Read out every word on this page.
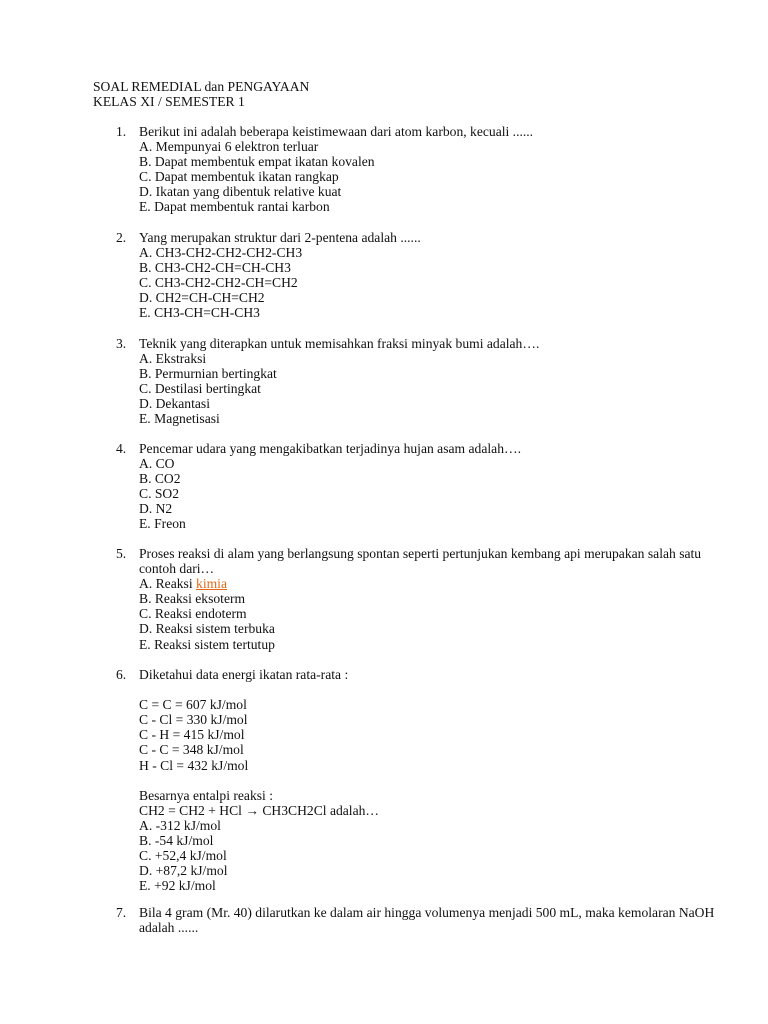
SOAL REMEDIAL dan PENGAYAAN
KELAS XI / SEMESTER 1
1. Berikut ini adalah beberapa keistimewaan dari atom karbon, kecuali ......
A. Mempunyai 6 elektron terluar
B. Dapat membentuk empat ikatan kovalen
C. Dapat membentuk ikatan rangkap
D. Ikatan yang dibentuk relative kuat
E. Dapat membentuk rantai karbon
2. Yang merupakan struktur dari 2-pentena adalah ......
A. CH3-CH2-CH2-CH2-CH3
B. CH3-CH2-CH=CH-CH3
C. CH3-CH2-CH2-CH=CH2
D. CH2=CH-CH=CH2
E. CH3-CH=CH-CH3
3. Teknik yang diterapkan untuk memisahkan fraksi minyak bumi adalah….
A. Ekstraksi
B. Permurnian bertingkat
C. Destilasi bertingkat
D. Dekantasi
E. Magnetisasi
4. Pencemar udara yang mengakibatkan terjadinya hujan asam adalah….
A. CO
B. CO2
C. SO2
D. N2
E. Freon
5. Proses reaksi di alam yang berlangsung spontan seperti pertunjukan kembang api merupakan salah satu contoh dari…
A. Reaksi kimia
B. Reaksi eksoterm
C. Reaksi endoterm
D. Reaksi sistem terbuka
E. Reaksi sistem tertutup
6. Diketahui data energi ikatan rata-rata :
C = C = 607 kJ/mol
C - Cl = 330 kJ/mol
C - H = 415 kJ/mol
C - C = 348 kJ/mol
H - Cl = 432 kJ/mol
Besarnya entalpi reaksi :
CH2 = CH2 + HCl → CH3CH2Cl adalah…
A. -312 kJ/mol
B. -54 kJ/mol
C. +52,4 kJ/mol
D. +87,2 kJ/mol
E. +92 kJ/mol
7. Bila 4 gram (Mr. 40) dilarutkan ke dalam air hingga volumenya menjadi 500 mL, maka kemolaran NaOH adalah ......
